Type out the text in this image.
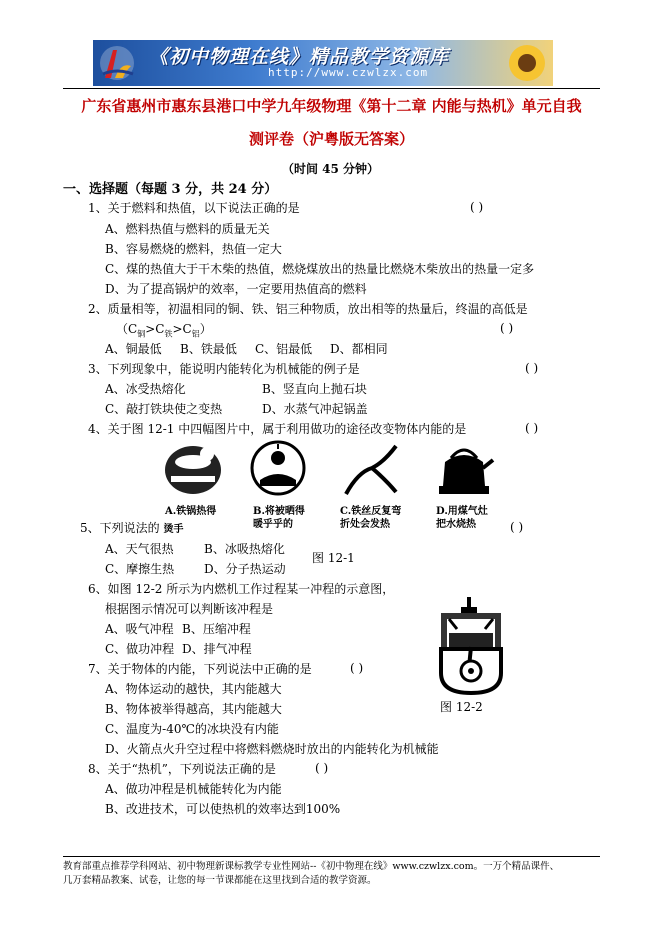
《初中物理在线》精品教学资源库
http://www.czwlzx.com
广东省惠州市惠东县港口中学九年级物理《第十二章 内能与热机》单元自我
测评卷（沪粤版无答案）
（时间 45 分钟）
一、选择题（每题 3 分，共 24 分）
1、关于燃料和热值，以下说法正确的是	( )
A、燃料热值与燃料的质量无关
B、容易燃烧的燃料，热值一定大
C、煤的热值大于干木柴的热值，燃烧煤放出的热量比燃烧木柴放出的热量一定多
D、为了提高锅炉的效率，一定要用热值高的燃料
2、质量相等，初温相同的铜、铁、铝三种物质，放出相等的热量后，终温的高低是
$(C_铜>C_铁>C_铝)$	( )
A、铜最低 B、铁最低 C、铝最低 D、都相同
3、下列现象中，能说明内能转化为机械能的例子是	( )
A、冰受热熔化	B、竖直向上抛石块
C、敲打铁块使之变热	D、水蒸气冲起锅盖
4、关于图 12-1 中四幅图片中，属于利用做功的途径改变物体内能的是	( )
A.铁锅热得	B.将被晒得
暖乎乎的
C.铁丝反复弯
折处会发热
D.用煤气灶
把水烧热
5、下列说法的 烫手	( )
A、天气很热	B、冰吸热熔化
图 12-1
C、摩擦生热 D、分子热运动
6、如图 12-2 所示为内燃机工作过程某一冲程的示意图，
根据图示情况可以判断该冲程是
A、吸气冲程 B、压缩冲程
C、做功冲程 D、排气冲程
图 12-2
7、关于物体的内能，下列说法中正确的是	( )
A、物体运动的越快，其内能越大
B、物体被举得越高，其内能越大
C、温度为-40℃的冰块没有内能
D、火箭点火升空过程中将燃料燃烧时放出的内能转化为机械能
8、关于“热机”，下列说法正确的是	( )
A、做功冲程是机械能转化为内能
B、改进技术，可以使热机的效率达到100%
教育部重点推荐学科网站、初中物理新课标教学专业性网站--《初中物理在线》www.czwlzx.com。一万个精品课件、
几万套精品教案、试卷，让您的每一节课都能在这里找到合适的教学资源。
